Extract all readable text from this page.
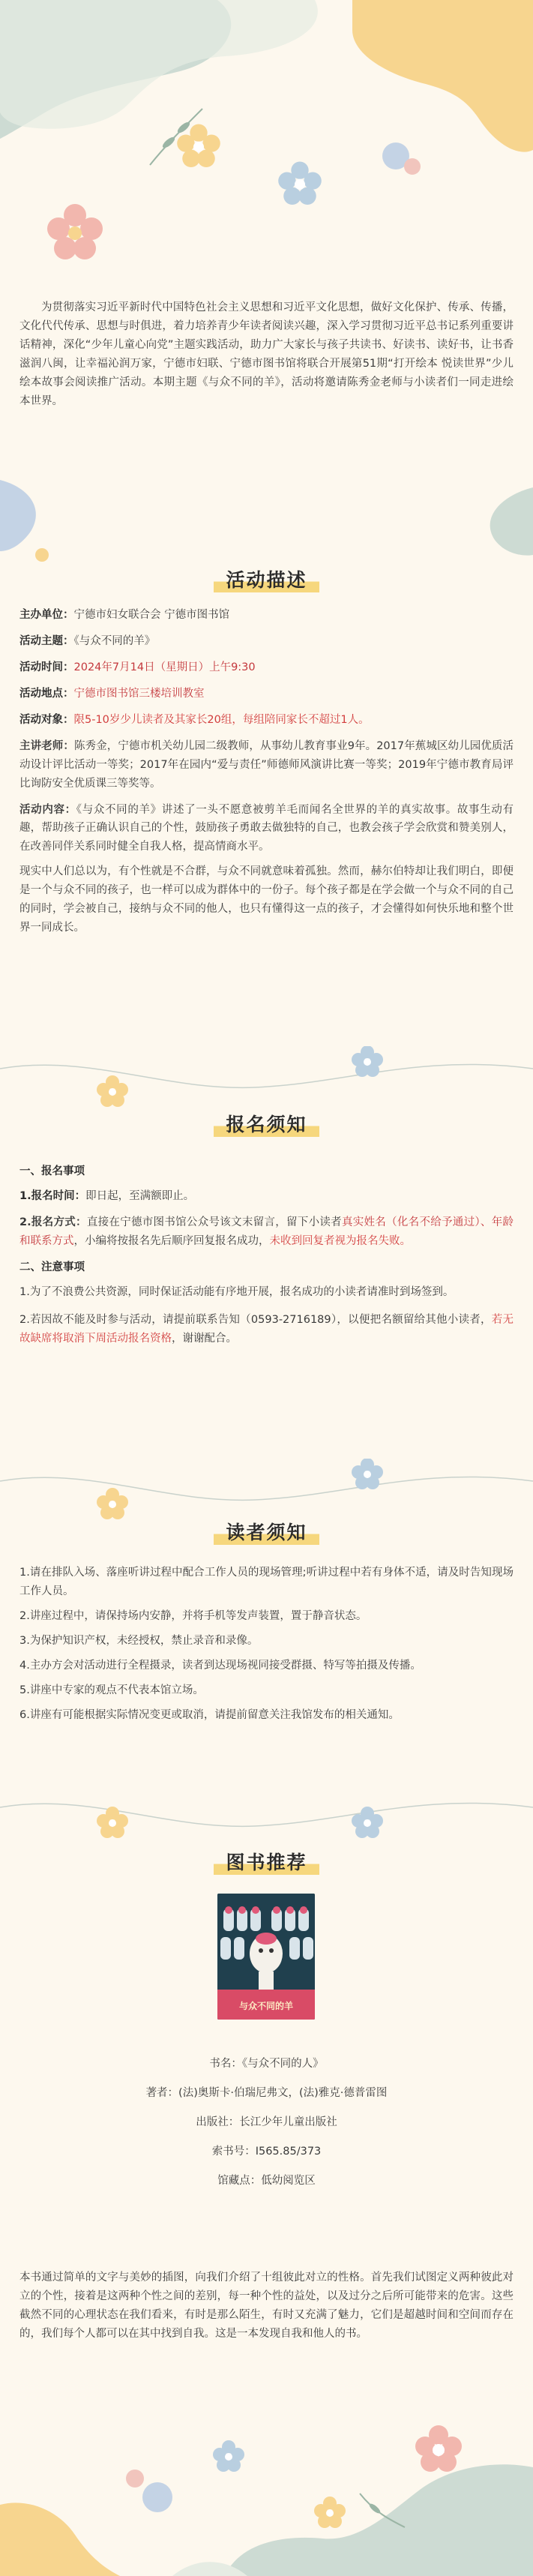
为贯彻落实习近平新时代中国特色社会主义思想和习近平文化思想，做好文化保护、传承、传播，文化代代传承、思想与时俱进，着力培养青少年读者阅读兴趣，深入学习贯彻习近平总书记系列重要讲话精神，深化“少年儿童心向党”主题实践活动，助力广大家长与孩子共读书、好读书、读好书，让书香滋润八闽，让幸福沁润万家，宁德市妇联、宁德市图书馆将联合开展第51期“打开绘本 悦读世界”少儿绘本故事会阅读推广活动。本期主题《与众不同的羊》，活动将邀请陈秀金老师与小读者们一同走进绘本世界。

活动描述
主办单位：宁德市妇女联合会 宁德市图书馆
活动主题：《与众不同的羊》
活动时间：2024年7月14日（星期日）上午9:30
活动地点：宁德市图书馆三楼培训教室
活动对象：限5-10岁少儿读者及其家长20组，每组陪同家长不超过1人。
主讲老师：陈秀金，宁德市机关幼儿园二级教师，从事幼儿教育事业9年。2017年蕉城区幼儿园优质活动设计评比活动一等奖；2017年在园内“爱与责任”师德师风演讲比赛一等奖；2019年宁德市教育局评比询防安全优质课三等奖等。
活动内容：《与众不同的羊》讲述了一头不愿意被剪羊毛而闻名全世界的羊的真实故事。故事生动有趣，帮助孩子正确认识自己的个性，鼓励孩子勇敢去做独特的自己，也教会孩子学会欣赏和赞美别人，在改善同伴关系同时健全自我人格，提高情商水平。
现实中人们总以为，有个性就是不合群，与众不同就意味着孤独。然而，赫尔伯特却让我们明白，即便是一个与众不同的孩子，也一样可以成为群体中的一份子。每个孩子都是在学会做一个与众不同的自己的同时，学会被自己，接纳与众不同的他人，也只有懂得这一点的孩子，才会懂得如何快乐地和整个世界一同成长。
报名须知
一、报名事项
1.报名时间：即日起，至满额即止。
2.报名方式：直接在宁德市图书馆公众号该文末留言，留下小读者真实姓名（化名不给予通过）、年龄和联系方式，小编将按报名先后顺序回复报名成功，未收到回复者视为报名失败。
二、注意事项
1.为了不浪费公共资源，同时保证活动能有序地开展，报名成功的小读者请准时到场签到。
2.若因故不能及时参与活动，请提前联系告知（0593-2716189），以便把名额留给其他小读者，若无故缺席将取消下周活动报名资格，谢谢配合。
读者须知
1.请在排队入场、落座听讲过程中配合工作人员的现场管理;听讲过程中若有身体不适，请及时告知现场工作人员。
2.讲座过程中，请保持场内安静，并将手机等发声装置，置于静音状态。
3.为保护知识产权，未经授权，禁止录音和录像。
4.主办方会对活动进行全程摄录，读者到达现场视同接受群摄、特写等拍摄及传播。
5.讲座中专家的观点不代表本馆立场。
6.讲座有可能根据实际情况变更或取消，请提前留意关注我馆发布的相关通知。
图书推荐
与众不同的羊

书名：《与众不同的人》

著者：(法)奥斯卡·伯瑞尼弗文，(法)雅克·德普雷图

出版社：长江少年儿童出版社

索书号：I565.85/373

馆藏点：低幼阅览区

本书通过简单的文字与美妙的插图，向我们介绍了十组彼此对立的性格。首先我们试图定义两种彼此对立的个性，接着是这两种个性之间的差别，每一种个性的益处，以及过分之后所可能带来的危害。这些截然不同的心理状态在我们看来，有时是那么陌生，有时又充满了魅力，它们是超越时间和空间而存在的，我们每个人都可以在其中找到自我。这是一本发现自我和他人的书。
